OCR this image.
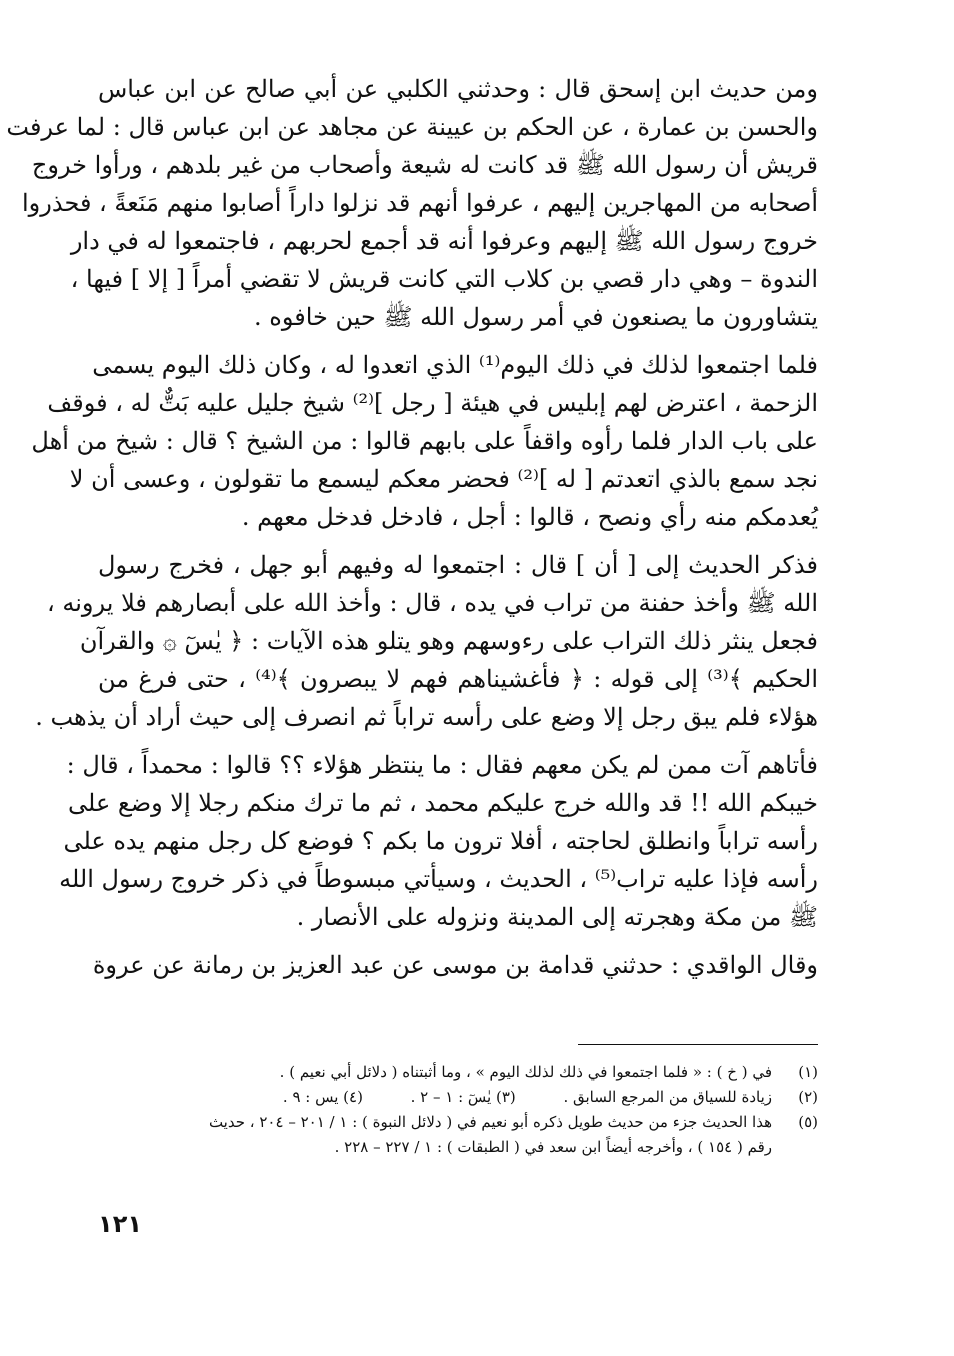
ومن حديث ابن إسحق قال : وحدثني الكلبي عن أبي صالح عن ابن عباس
والحسن بن عمارة ، عن الحكم بن عيينة عن مجاهد عن ابن عباس قال : لما عرفت
قريش أن رسول الله ﷺ قد كانت له شيعة وأصحاب من غير بلدهم ، ورأوا خروج
أصحابه من المهاجرين إليهم ، عرفوا أنهم قد نزلوا داراً أصابوا منهم مَنَعةً ، فحذروا
خروج رسول الله ﷺ إليهم وعرفوا أنه قد أجمع لحربهم ، فاجتمعوا له في دار
الندوة – وهي دار قصي بن كلاب التي كانت قريش لا تقضي أمراً [ إلا ] فيها ،
يتشاورون ما يصنعون في أمر رسول الله ﷺ حين خافوه .
فلما اجتمعوا لذلك في ذلك اليوم⁽¹⁾ الذي اتعدوا له ، وكان ذلك اليوم يسمى
الزحمة ، اعترض لهم إبليس في هيئة [ رجل ]⁽²⁾ شيخ جليل عليه بَتٌّ له ، فوقف
على باب الدار فلما رأوه واقفاً على بابهم قالوا : من الشيخ ؟ قال : شيخ من أهل
نجد سمع بالذي اتعدتم [ له ]⁽²⁾ فحضر معكم ليسمع ما تقولون ، وعسى أن لا
يُعدمكم منه رأي ونصح ، قالوا : أجل ، فادخل فدخل معهم .
فذكر الحديث إلى [ أن ] قال : اجتمعوا له وفيهم أبو جهل ، فخرج رسول
الله ﷺ وأخذ حفنة من تراب في يده ، قال : وأخذ الله على أبصارهم فلا يرونه ،
فجعل ينثر ذلك التراب على رءوسهم وهو يتلو هذه الآيات : ﴿ يٰسٓ ۞ والقرآن
الحكيم ﴾⁽³⁾ إلى قوله : ﴿ فأغشيناهم فهم لا يبصرون ﴾⁽⁴⁾ ، حتى فرغ من
هؤلاء فلم يبق رجل إلا وضع على رأسه تراباً ثم انصرف إلى حيث أراد أن يذهب .
فأتاهم آت ممن لم يكن معهم فقال : ما ينتظر هؤلاء ؟؟ قالوا : محمداً ، قال :
خيبكم الله !! قد والله خرج عليكم محمد ، ثم ما ترك منكم رجلا إلا وضع على
رأسه تراباً وانطلق لحاجته ، أفلا ترون ما بكم ؟ فوضع كل رجل منهم يده على
رأسه فإذا عليه تراب⁽⁵⁾ ، الحديث ، وسيأتي مبسوطاً في ذكر خروج رسول الله
ﷺ من مكة وهجرته إلى المدينة ونزوله على الأنصار .
وقال الواقدي : حدثني قدامة بن موسى عن عبد العزيز بن رمانة عن عروة
(١)
في ( خ ) : « فلما اجتمعوا في ذلك لذلك اليوم » ، وما أثبتناه ( دلائل أبي نعيم ) .
(٢)
زيادة للسياق من المرجع السابق .          (٣) يٰسٓ : ١ – ٢ .          (٤) يس : ٩ .
(٥)
هذا الحديث جزء من حديث طويل ذكره أبو نعيم في ( دلائل النبوة ) : ١ / ٢٠١ – ٢٠٤ ، حديث
رقم ( ١٥٤ ) ، وأخرجه أيضاً ابن سعد في ( الطبقات ) : ١ / ٢٢٧ – ٢٢٨ .
١٢١
